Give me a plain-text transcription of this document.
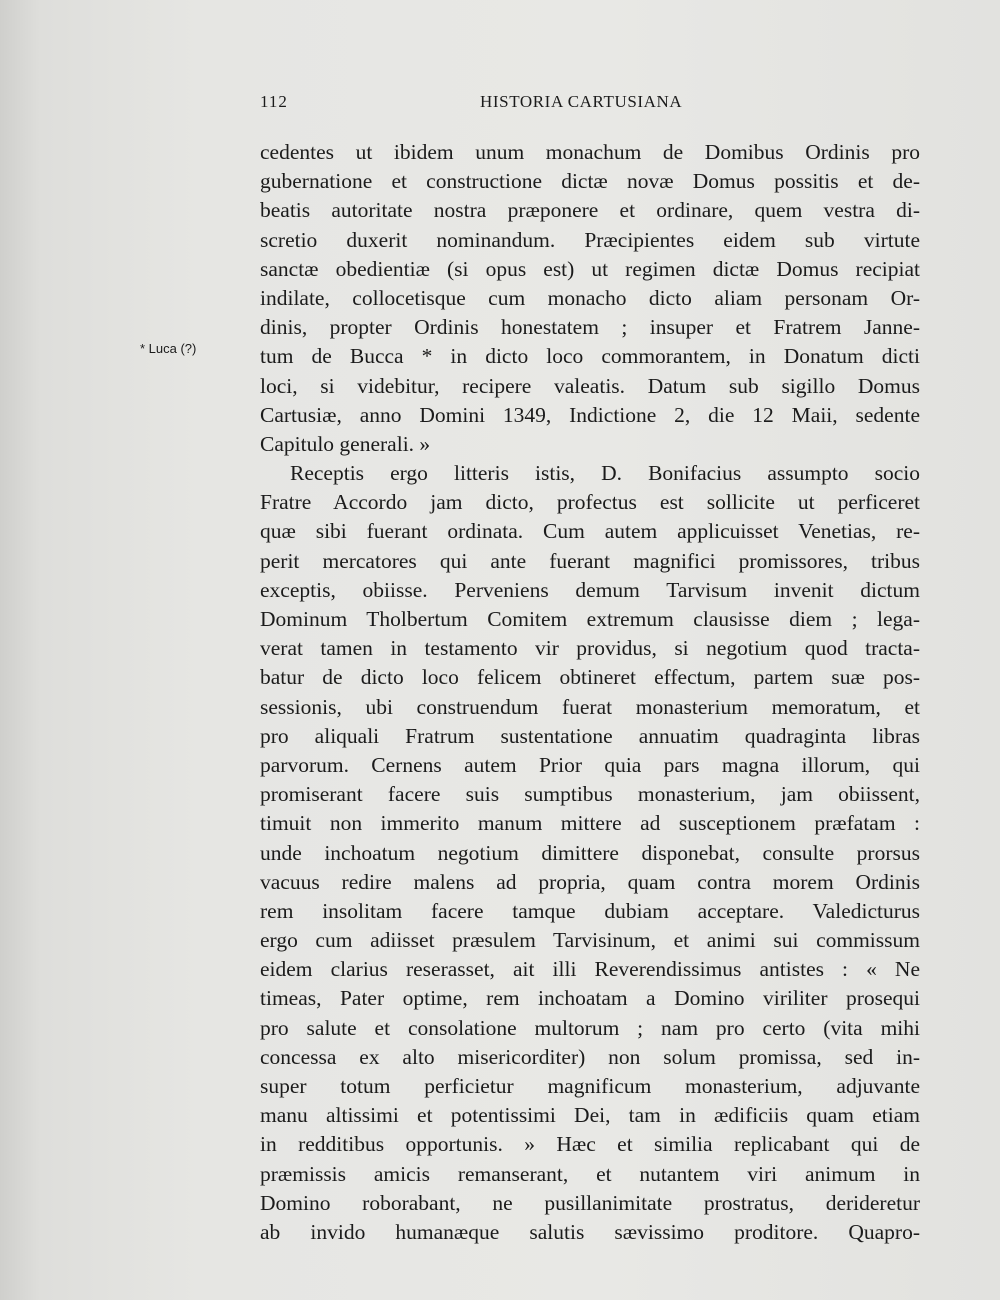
112	HISTORIA CARTUSIANA
* Luca (?)
cedentes ut ibidem unum monachum de Domibus Ordinis pro
gubernatione et constructione dictæ novæ Domus possitis et de-
beatis autoritate nostra præponere et ordinare, quem vestra di-
scretio duxerit nominandum. Præcipientes eidem sub virtute
sanctæ obedientiæ (si opus est) ut regimen dictæ Domus recipiat
indilate, collocetisque cum monacho dicto aliam personam Or-
dinis, propter Ordinis honestatem ; insuper et Fratrem Janne-
tum de Bucca * in dicto loco commorantem, in Donatum dicti
loci, si videbitur, recipere valeatis. Datum sub sigillo Domus
Cartusiæ, anno Domini 1349, Indictione 2, die 12 Maii, sedente
Capitulo generali. »
Receptis ergo litteris istis, D. Bonifacius assumpto socio
Fratre Accordo jam dicto, profectus est sollicite ut perficeret
quæ sibi fuerant ordinata. Cum autem applicuisset Venetias, re-
perit mercatores qui ante fuerant magnifici promissores, tribus
exceptis, obiisse. Perveniens demum Tarvisum invenit dictum
Dominum Tholbertum Comitem extremum clausisse diem ; lega-
verat tamen in testamento vir providus, si negotium quod tracta-
batur de dicto loco felicem obtineret effectum, partem suæ pos-
sessionis, ubi construendum fuerat monasterium memoratum, et
pro aliquali Fratrum sustentatione annuatim quadraginta libras
parvorum. Cernens autem Prior quia pars magna illorum, qui
promiserant facere suis sumptibus monasterium, jam obiissent,
timuit non immerito manum mittere ad susceptionem præfatam :
unde inchoatum negotium dimittere disponebat, consulte prorsus
vacuus redire malens ad propria, quam contra morem Ordinis
rem insolitam facere tamque dubiam acceptare. Valedicturus
ergo cum adiisset præsulem Tarvisinum, et animi sui commissum
eidem clarius reserasset, ait illi Reverendissimus antistes : « Ne
timeas, Pater optime, rem inchoatam a Domino viriliter prosequi
pro salute et consolatione multorum ; nam pro certo (vita mihi
concessa ex alto misericorditer) non solum promissa, sed in-
super totum perficietur magnificum monasterium, adjuvante
manu altissimi et potentissimi Dei, tam in ædificiis quam etiam
in redditibus opportunis. » Hæc et similia replicabant qui de
præmissis amicis remanserant, et nutantem viri animum in
Domino roborabant, ne pusillanimitate prostratus, derideretur
ab invido humanæque salutis sævissimo proditore. Quapro-
